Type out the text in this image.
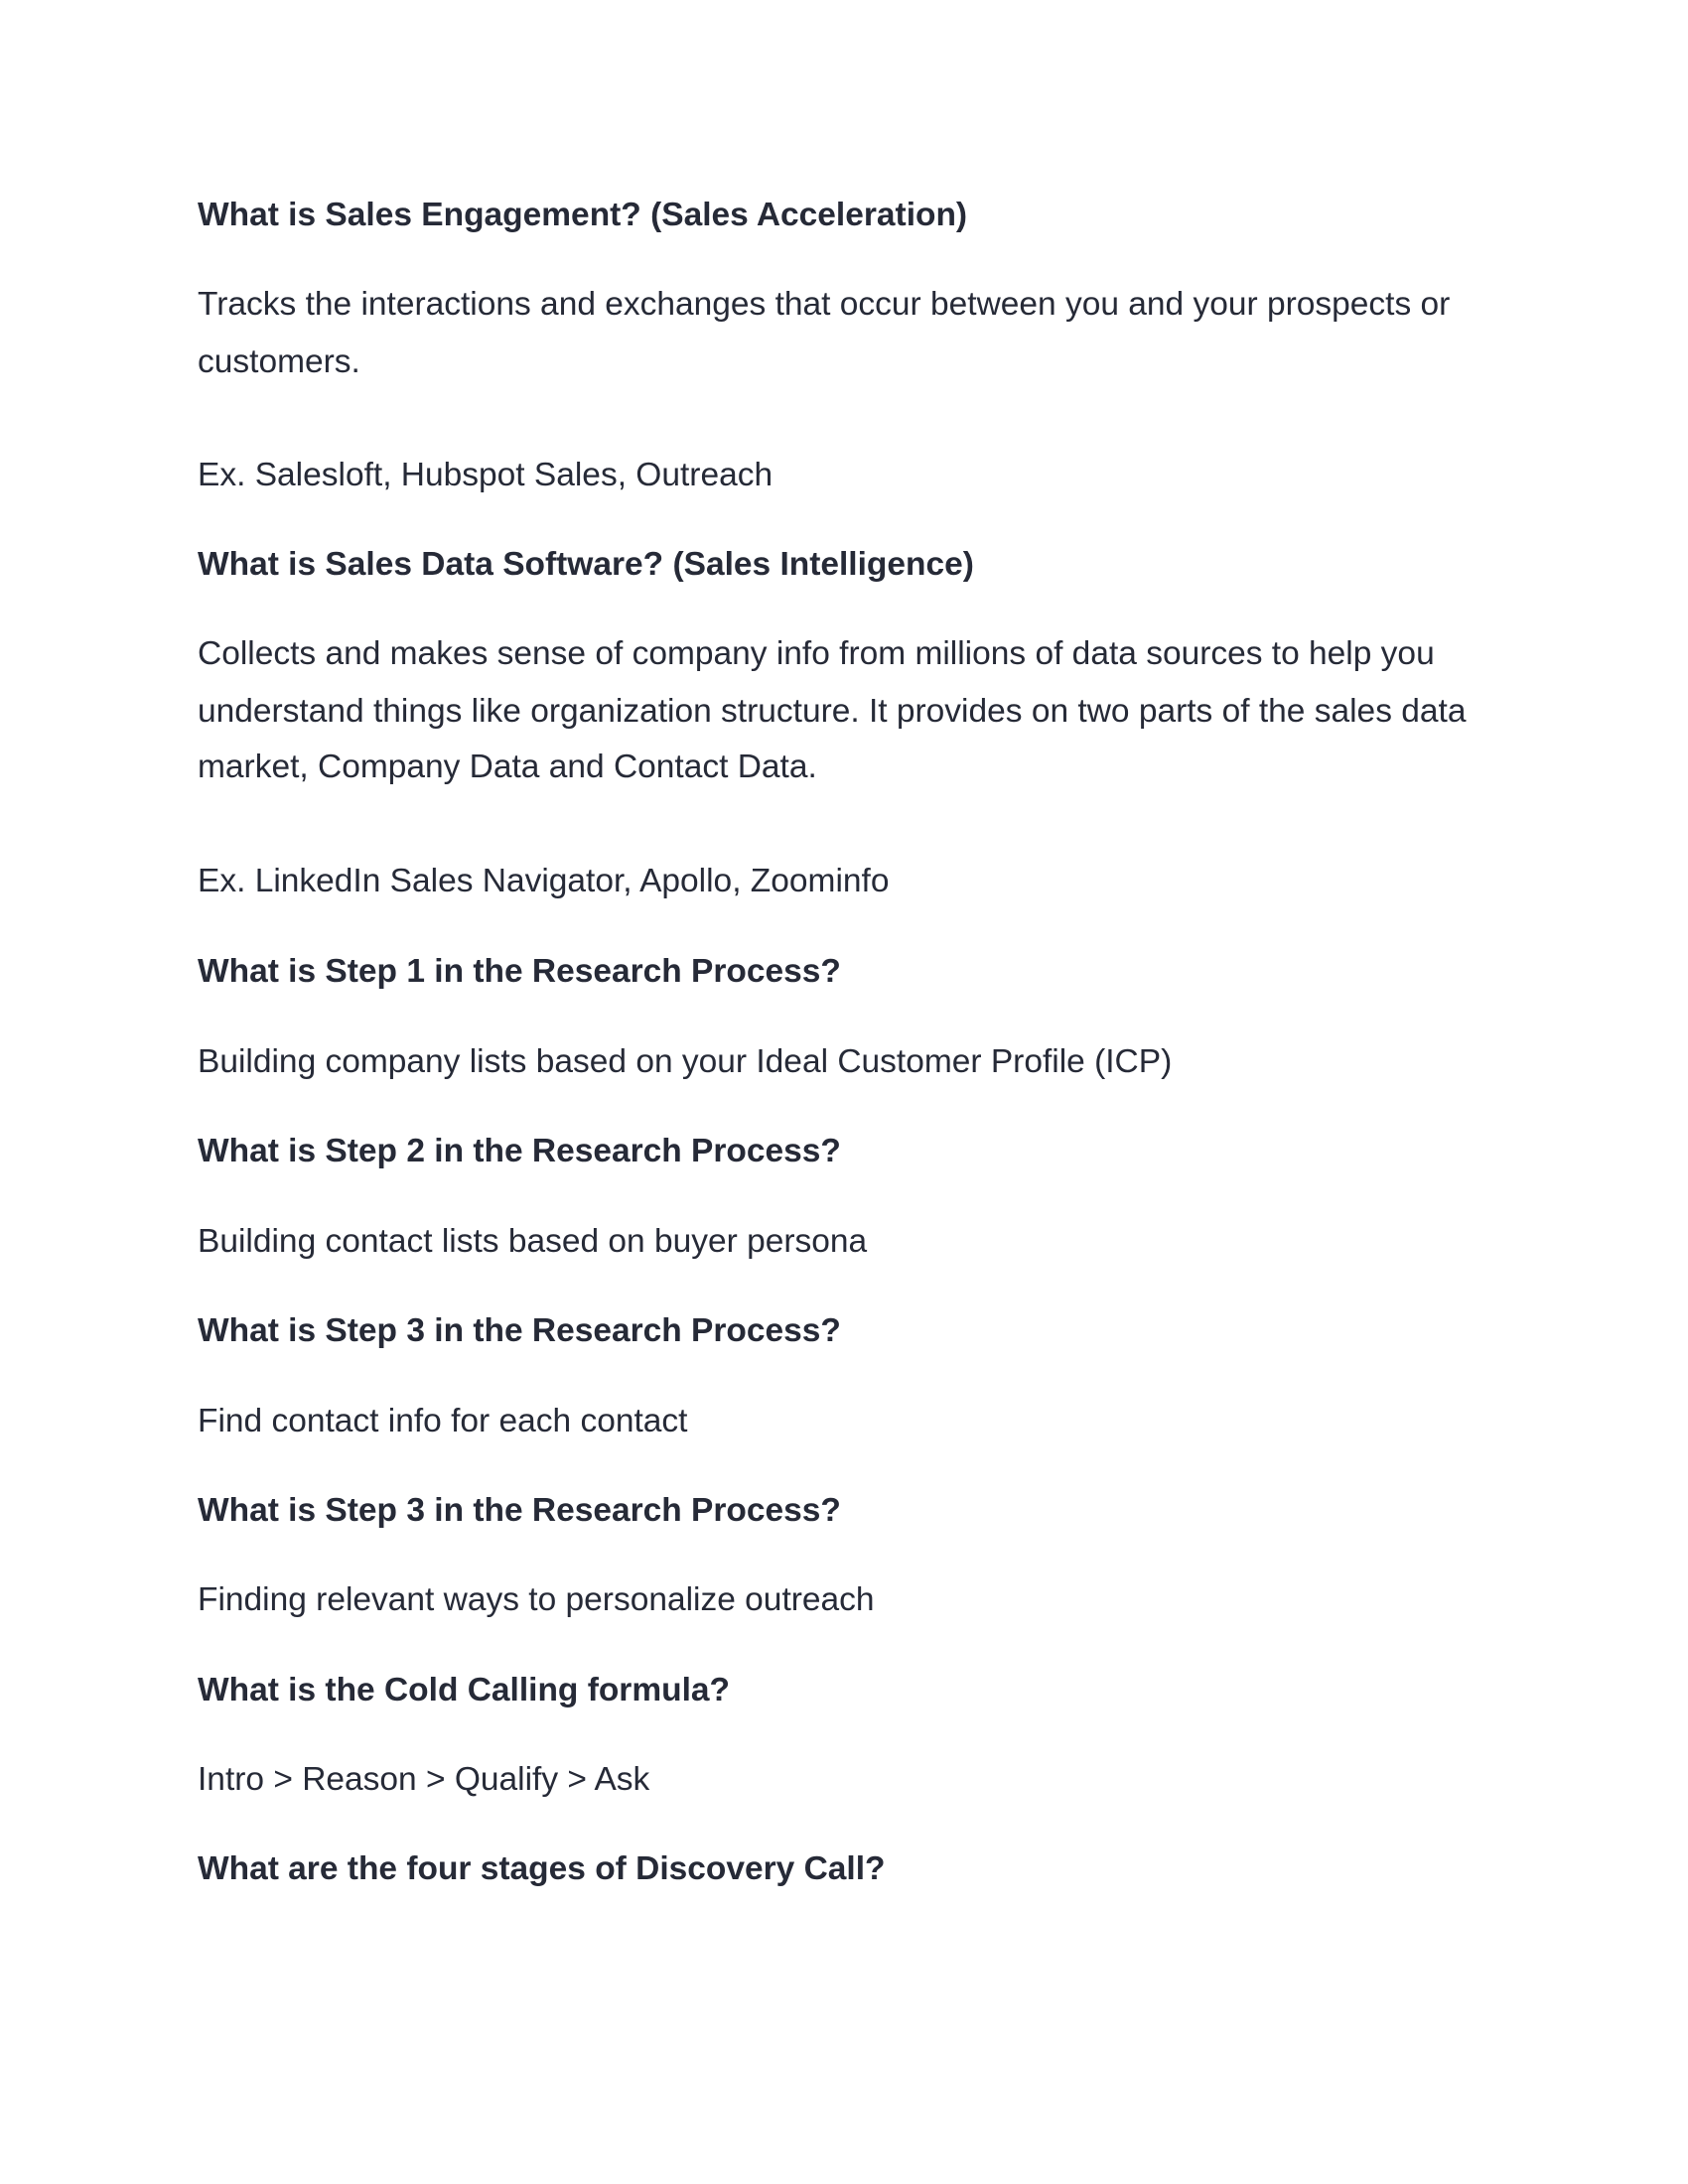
What is Sales Engagement? (Sales Acceleration)

Tracks the interactions and exchanges that occur between you and your prospects or

customers.

Ex. Salesloft, Hubspot Sales, Outreach

What is Sales Data Software? (Sales Intelligence)

Collects and makes sense of company info from millions of data sources to help you

understand things like organization structure. It provides on two parts of the sales data

market, Company Data and Contact Data.

Ex. LinkedIn Sales Navigator, Apollo, Zoominfo

What is Step 1 in the Research Process?

Building company lists based on your Ideal Customer Profile (ICP)

What is Step 2 in the Research Process?

Building contact lists based on buyer persona

What is Step 3 in the Research Process?

Find contact info for each contact

What is Step 3 in the Research Process?

Finding relevant ways to personalize outreach

What is the Cold Calling formula?

Intro > Reason > Qualify > Ask

What are the four stages of Discovery Call?
